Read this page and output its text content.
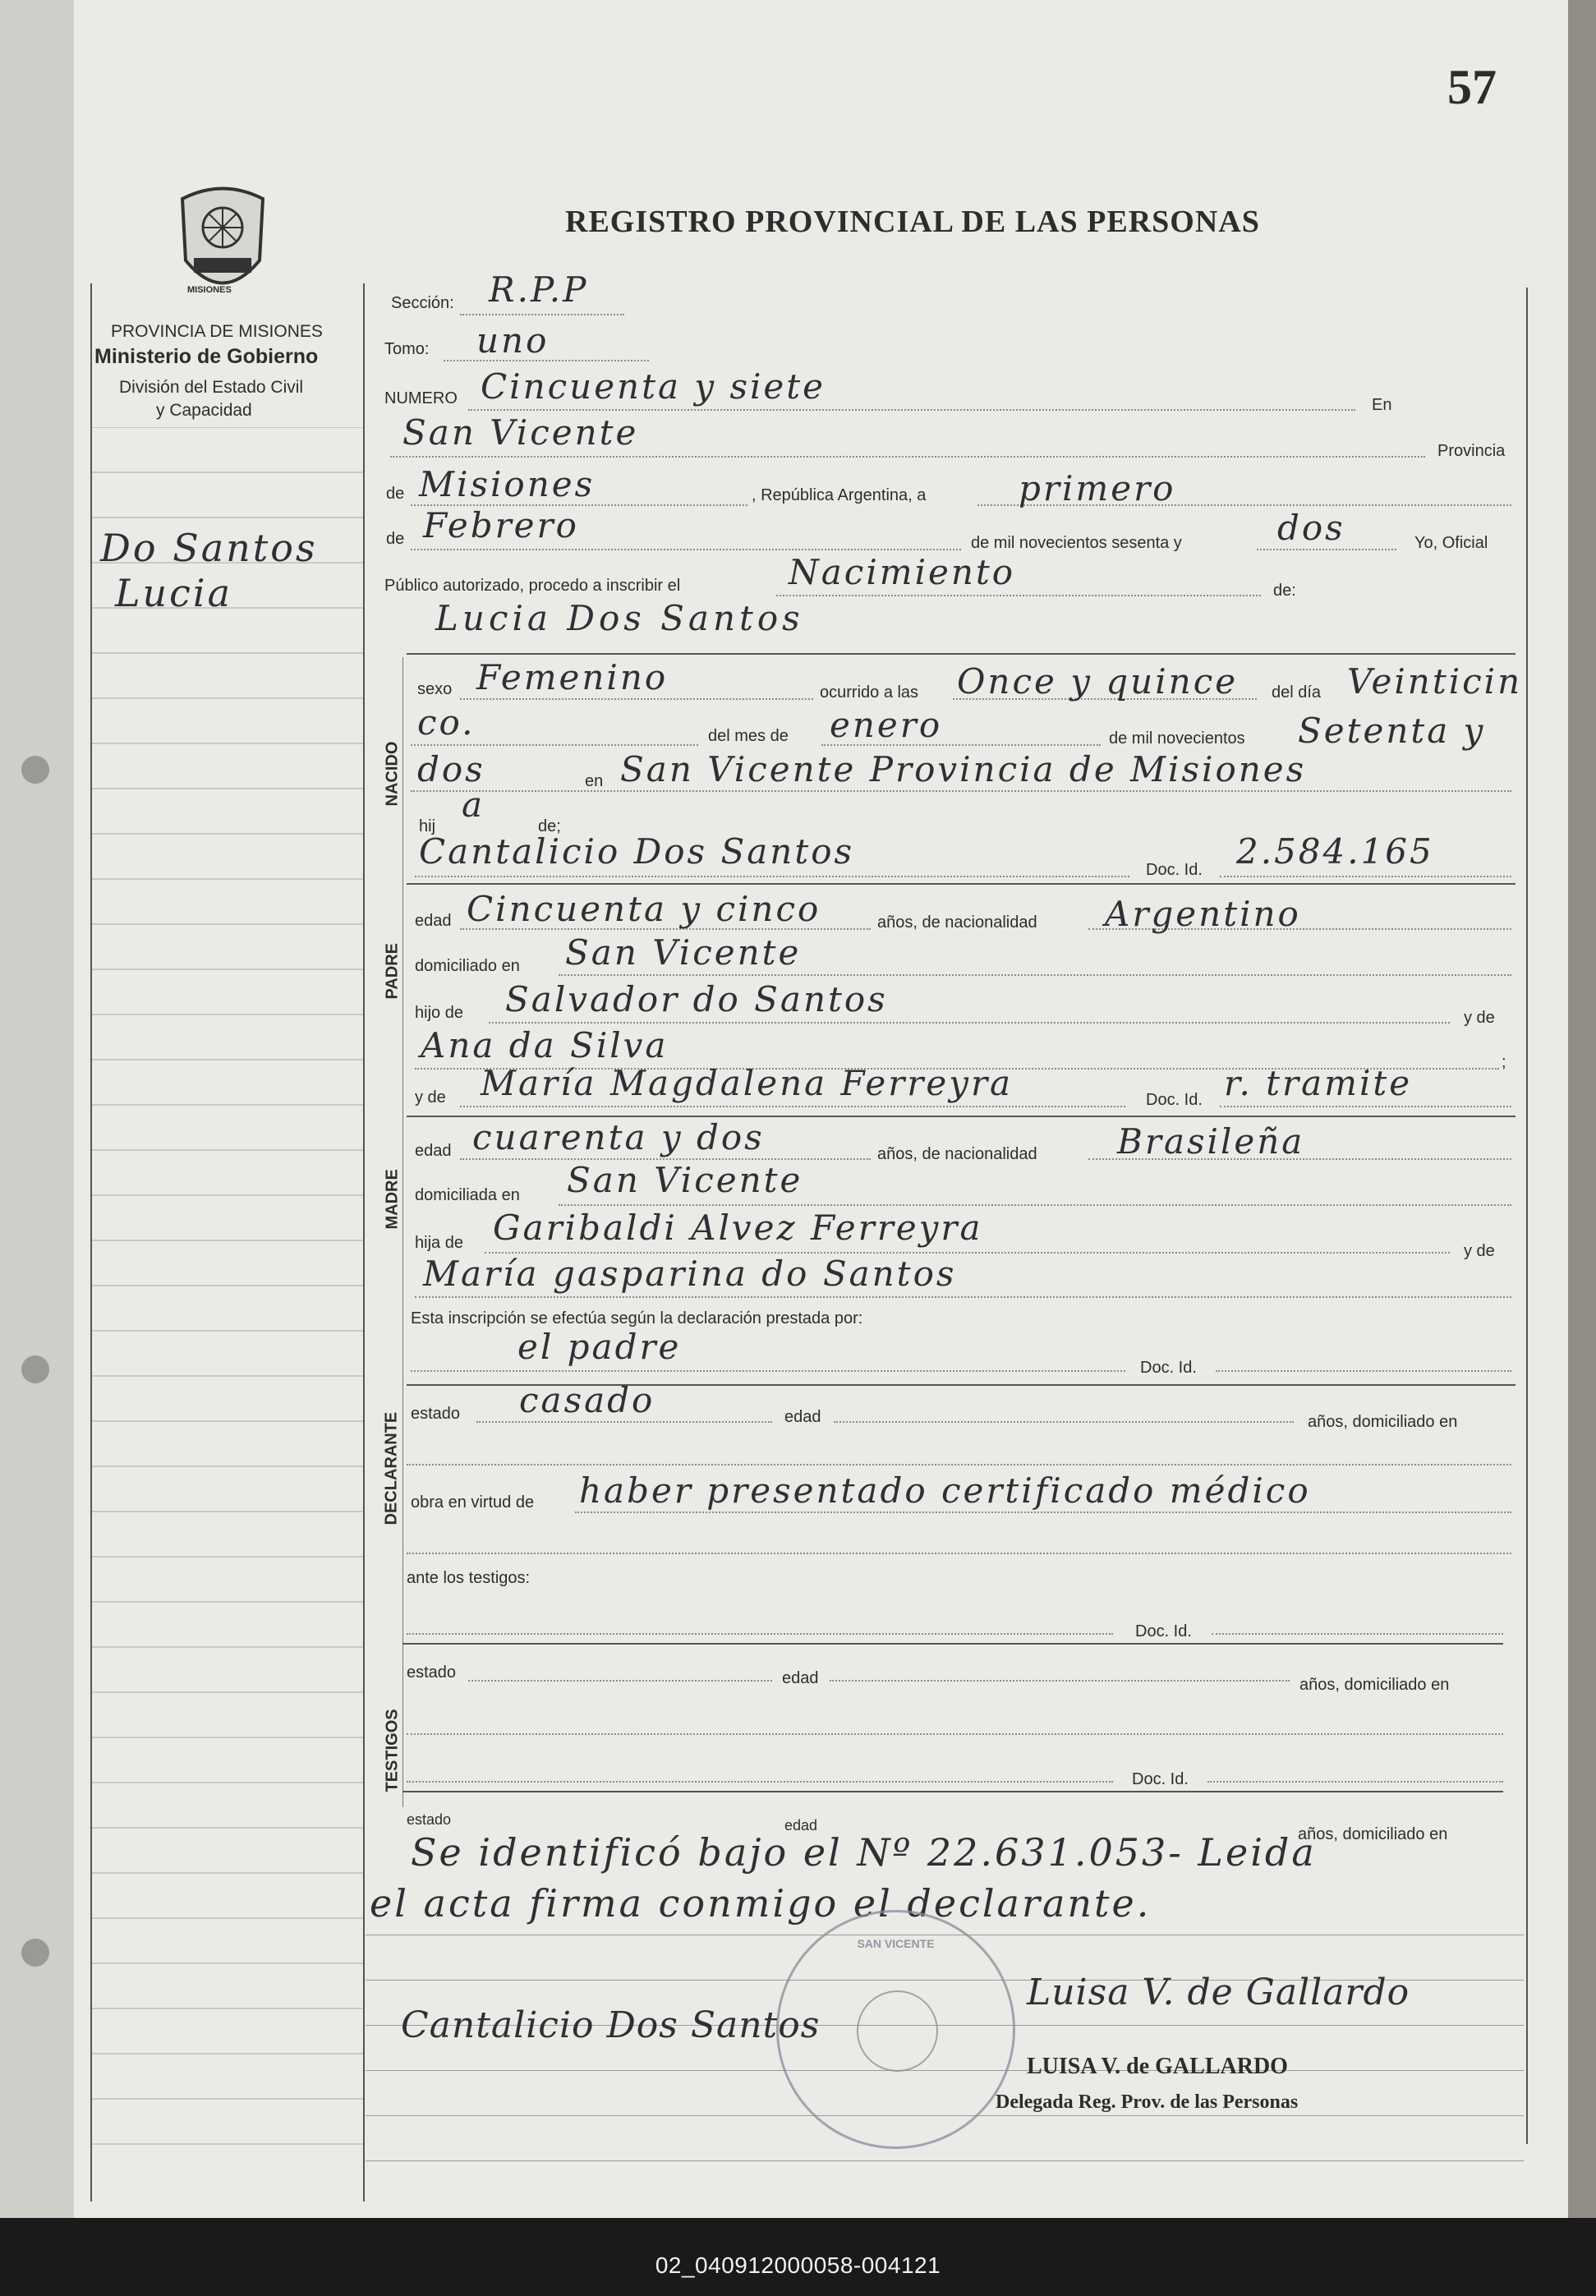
57
REGISTRO PROVINCIAL DE LAS PERSONAS
MISIONES
PROVINCIA DE MISIONES
Ministerio de Gobierno
División del Estado Civil
y Capacidad
Do Santos
Lucia
Sección: R.P.P
Tomo: uno
NUMERO Cincuenta y siete	En
San Vicente	Provincia
de Misiones	, República Argentina, a	primero
de Febrero	de mil novecientos sesenta y	dos	Yo, Oficial
Público autorizado, procedo a inscribir el	Nacimiento	de:
Lucia Dos Santos
NACIDO
sexo Femenino	ocurrido a las Once y quince del día Veinticin
co.	del mes de enero	de mil novecientos Setenta y
dos	en San Vicente Provincia de Misiones
hij
a
de;
PADRE
Cantalicio Dos Santos	Doc. Id. 2.584.165
edad Cincuenta y cinco	años, de nacionalidad Argentino
domiciliado en San Vicente
hijo de Salvador do Santos	y de
Ana da Silva	;
y de María Magdalena Ferreyra	Doc. Id. r. tramite
MADRE
edad cuarenta y dos	años, de nacionalidad Brasileña
domiciliada en San Vicente
hija de Garibaldi Alvez Ferreyra
y de
María gasparina do Santos
Esta inscripción se efectúa según la declaración prestada por:
DECLARANTE
el padre
Doc. Id.
estado casado	edad	años, domiciliado en
obra en virtud de haber presentado certificado médico
ante los testigos:
TESTIGOS
Doc. Id.
estado	edad	años, domiciliado en
Doc. Id.
estado	edad	años, domiciliado en
Se identificó bajo el Nº 22.631.053- Leida
el acta firma conmigo el declarante.
SAN VICENTE
Cantalicio Dos Santos
Luisa V. de Gallardo
LUISA V. de GALLARDO
Delegada Reg. Prov. de las Personas
02_040912000058-004121
